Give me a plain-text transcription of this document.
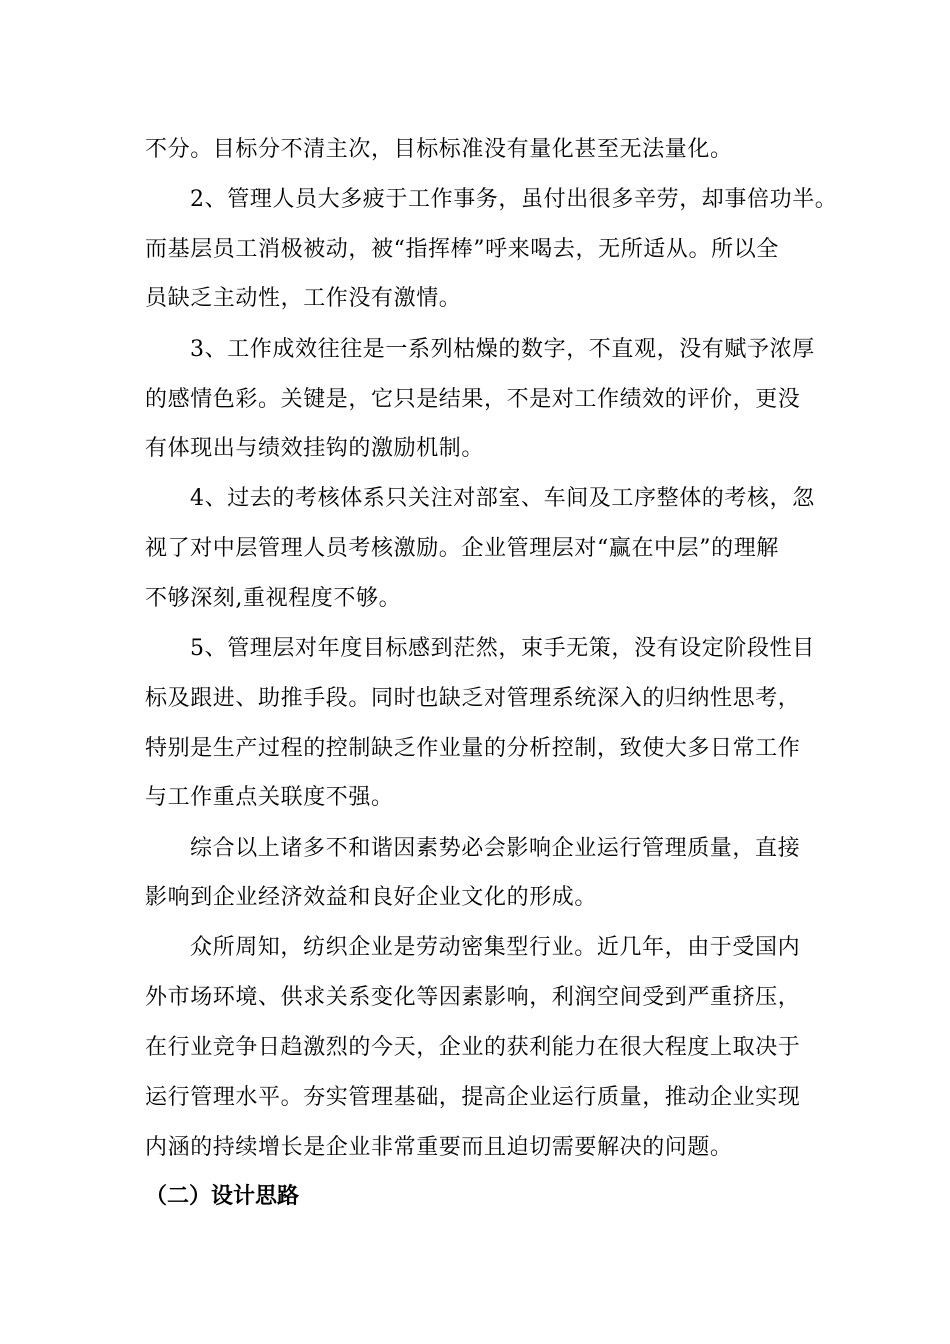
不分。目标分不清主次，目标标准没有量化甚至无法量化。
2、管理人员大多疲于工作事务，虽付出很多辛劳，却事倍功半。
而基层员工消极被动，被“指挥棒”呼来喝去，无所适从。所以全
员缺乏主动性，工作没有激情。
3、工作成效往往是一系列枯燥的数字，不直观，没有赋予浓厚
的感情色彩。关键是，它只是结果，不是对工作绩效的评价，更没
有体现出与绩效挂钩的激励机制。
4、过去的考核体系只关注对部室、车间及工序整体的考核，忽
视了对中层管理人员考核激励。企业管理层对“赢在中层”的理解
不够深刻,重视程度不够。
5、管理层对年度目标感到茫然，束手无策，没有设定阶段性目
标及跟进、助推手段。同时也缺乏对管理系统深入的归纳性思考，
特别是生产过程的控制缺乏作业量的分析控制，致使大多日常工作
与工作重点关联度不强。
综合以上诸多不和谐因素势必会影响企业运行管理质量，直接
影响到企业经济效益和良好企业文化的形成。
众所周知，纺织企业是劳动密集型行业。近几年，由于受国内
外市场环境、供求关系变化等因素影响，利润空间受到严重挤压，
在行业竞争日趋激烈的今天，企业的获利能力在很大程度上取决于
运行管理水平。夯实管理基础，提高企业运行质量，推动企业实现
内涵的持续增长是企业非常重要而且迫切需要解决的问题。
（二）设计思路
